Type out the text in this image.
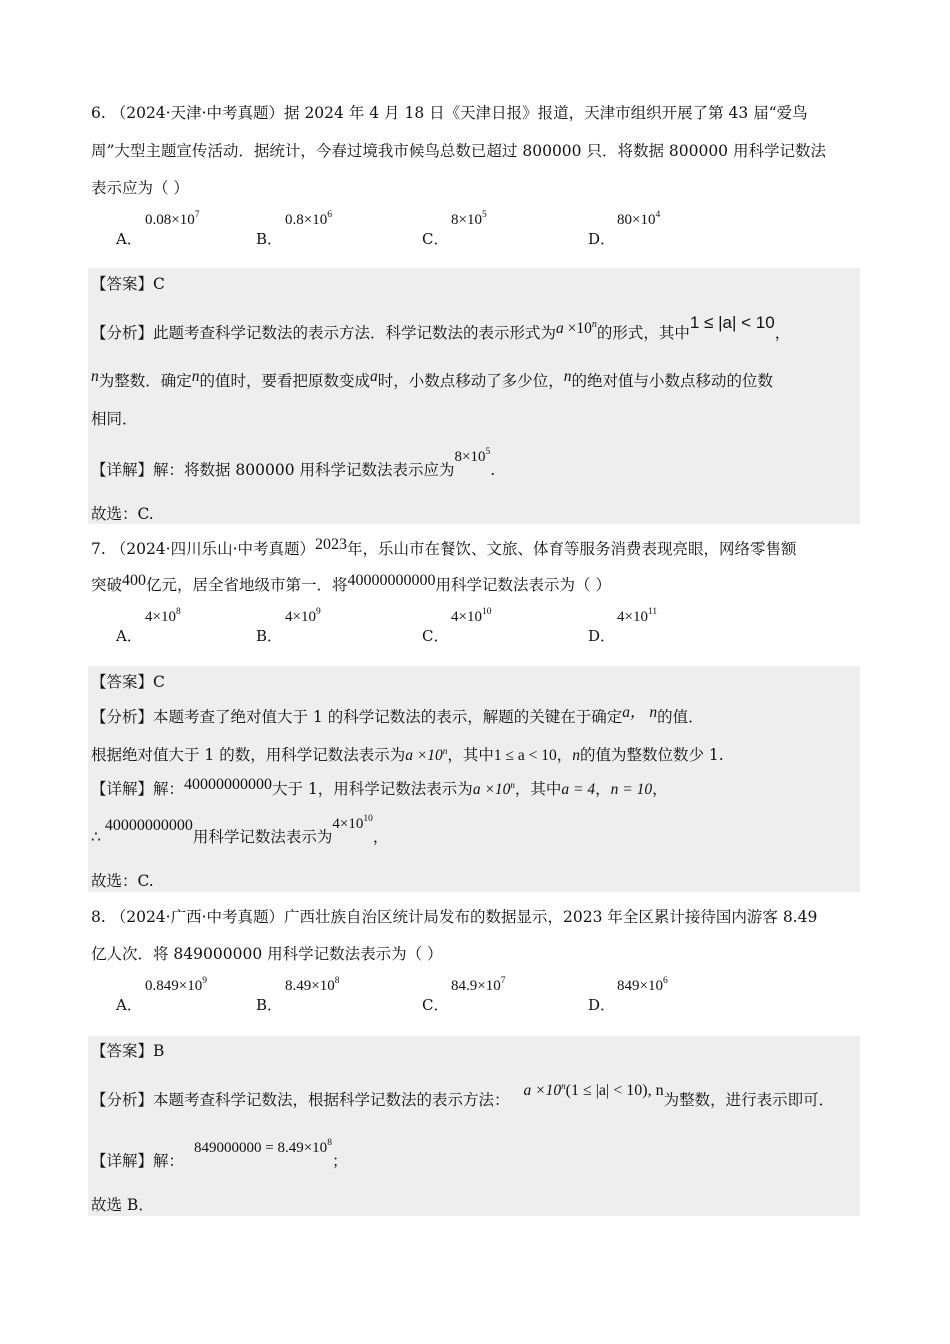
6. （2024·天津·中考真题）据 2024 年 4 月 18 日《天津日报》报道，天津市组织开展了第 43 届“爱鸟
周”大型主题宣传活动．据统计，今春过境我市候鸟总数已超过 800000 只．将数据 800000 用科学记数法
表示应为（ ）
A．
$0.08\times 10^7$
B．
$0.8\times 10^6$
C．
$8\times 10^5$
D．
$80\times 10^4$
【答案】C
【分析】此题考查科学记数法的表示方法．科学记数法的表示形式为$a \times 10^n$的形式，其中1 ≤ |a| < 10，
n为整数．确定n的值时，要看把原数变成a时，小数点移动了多少位，n的绝对值与小数点移动的位数
相同．
【详解】解：将数据 800000 用科学记数法表示应为$8\times 10^5$.
故选：C.
7. （2024·四川乐山·中考真题）2023年，乐山市在餐饮、文旅、体育等服务消费表现亮眼，网络零售额
突破400亿元，居全省地级市第一．将40000000000用科学记数法表示为（ ）
A．
$4\times 10^8$
B．
$4\times 10^9$
C．
$4\times 10^{10}$
D．
$4\times 10^{11}$
【答案】C
【分析】本题考查了绝对值大于 1 的科学记数法的表示，解题的关键在于确定a， n的值．
根据绝对值大于 1 的数，用科学记数法表示为$a \times 10^n$，其中1 ≤ a < 10，n的值为整数位数少 1.
【详解】解：40000000000大于 1，用科学记数法表示为$a \times 10^n$，其中a = 4，n = 10，
∴40000000000用科学记数法表示为$4\times 10^{10}$，
故选：C.
8. （2024·广西·中考真题）广西壮族自治区统计局发布的数据显示，2023 年全区累计接待国内游客 8.49
亿人次．将 849000000 用科学记数法表示为（ ）
A．
$0.849\times 10^9$
B．
$8.49\times 10^8$
C．
$84.9\times 10^7$
D．
$849\times 10^6$
【答案】B
【分析】本题考查科学记数法，根据科学记数法的表示方法：$a \times 10^n(1 \le |a| < 10)$, n为整数，进行表示即可．
【详解】解：$849000000 = 8.49\times 10^8$；
故选 B．
